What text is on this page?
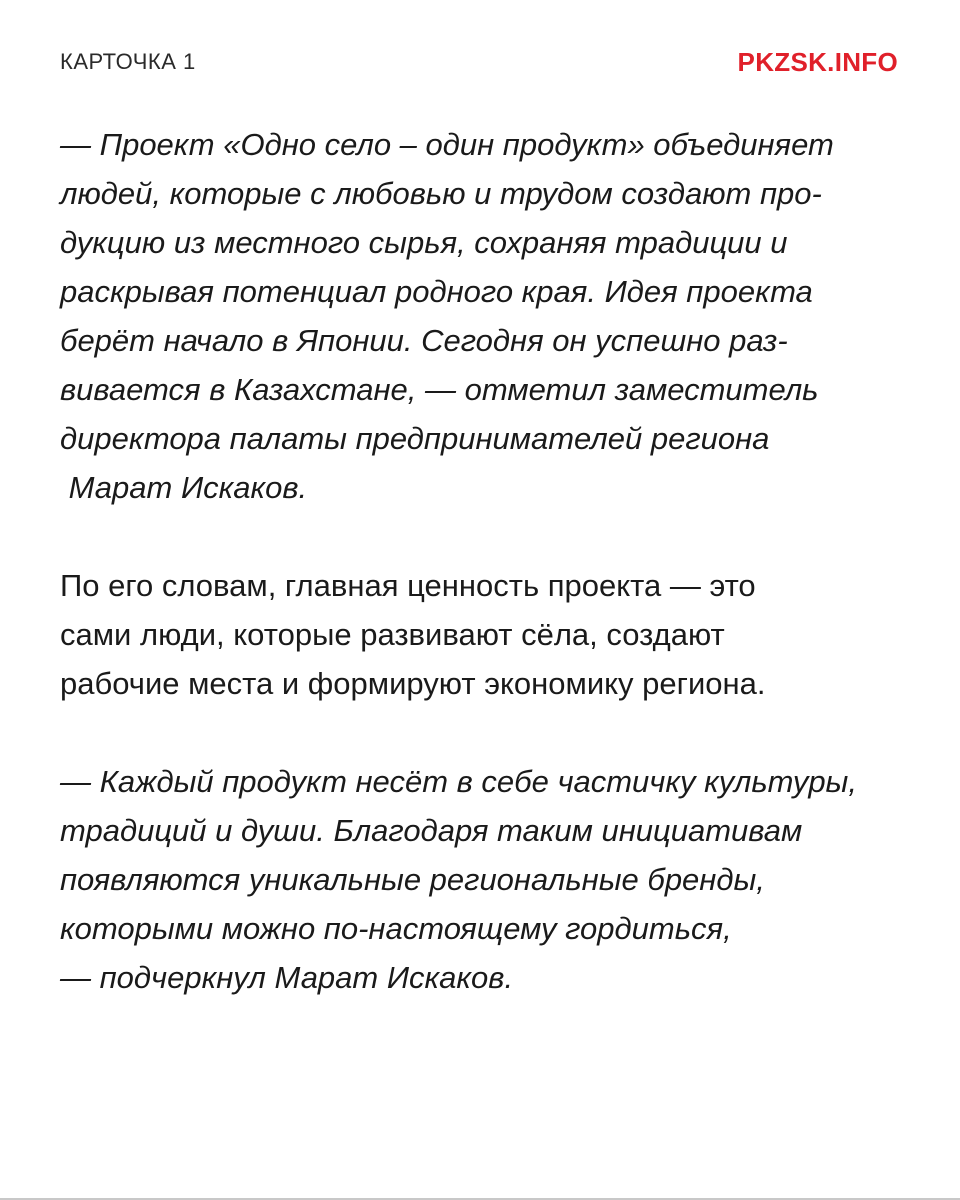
КАРТОЧКА 1	PKZSK.INFO

— Проект «Одно село – один продукт» объединяет
людей, которые с любовью и трудом создают про-
дукцию из местного сырья, сохраняя традиции и
раскрывая потенциал родного края. Идея проекта
берёт начало в Японии. Сегодня он успешно раз-
вивается в Казахстане, — отметил заместитель
директора палаты предпринимателей региона
Марат Искаков.

По его словам, главная ценность проекта — это
сами люди, которые развивают сёла, создают
рабочие места и формируют экономику региона.

— Каждый продукт несёт в себе частичку культуры,
традиций и души. Благодаря таким инициативам
появляются уникальные региональные бренды,
которыми можно по-настоящему гордиться,
— подчеркнул Марат Искаков.
